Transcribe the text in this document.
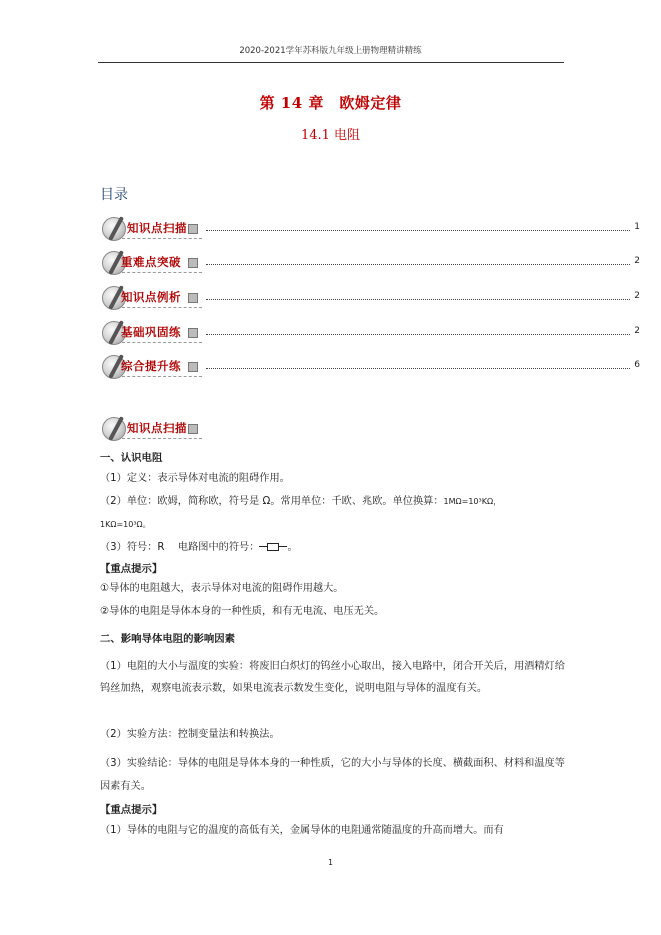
2020-2021学年苏科版九年级上册物理精讲精练
第 14 章　欧姆定律
14.1 电阻
目录
知识点扫描	1
重难点突破	2
知识点例析	2
基础巩固练	2
综合提升练	6
知识点扫描
一、认识电阻
（1）定义：表示导体对电流的阻碍作用。
（2）单位：欧姆，简称欧，符号是 Ω。常用单位：千欧、兆欧。单位换算：1MΩ=10³KΩ，
1KΩ=10³Ω。
（3）符号：R　 电路图中的符号：	。
【重点提示】
①导体的电阻越大，表示导体对电流的阻碍作用越大。
②导体的电阻是导体本身的一种性质，和有无电流、电压无关。
二、影响导体电阻的影响因素
（1）电阻的大小与温度的实验：将废旧白炽灯的钨丝小心取出，接入电路中，闭合开关后，用酒精灯给钨丝加热，观察电流表示数，如果电流表示数发生变化，说明电阻与导体的温度有关。
（2）实验方法：控制变量法和转换法。
（3）实验结论：导体的电阻是导体本身的一种性质，它的大小与导体的长度、横截面积、材料和温度等因素有关。
【重点提示】
（1）导体的电阻与它的温度的高低有关，金属导体的电阻通常随温度的升高而增大。而有
1
